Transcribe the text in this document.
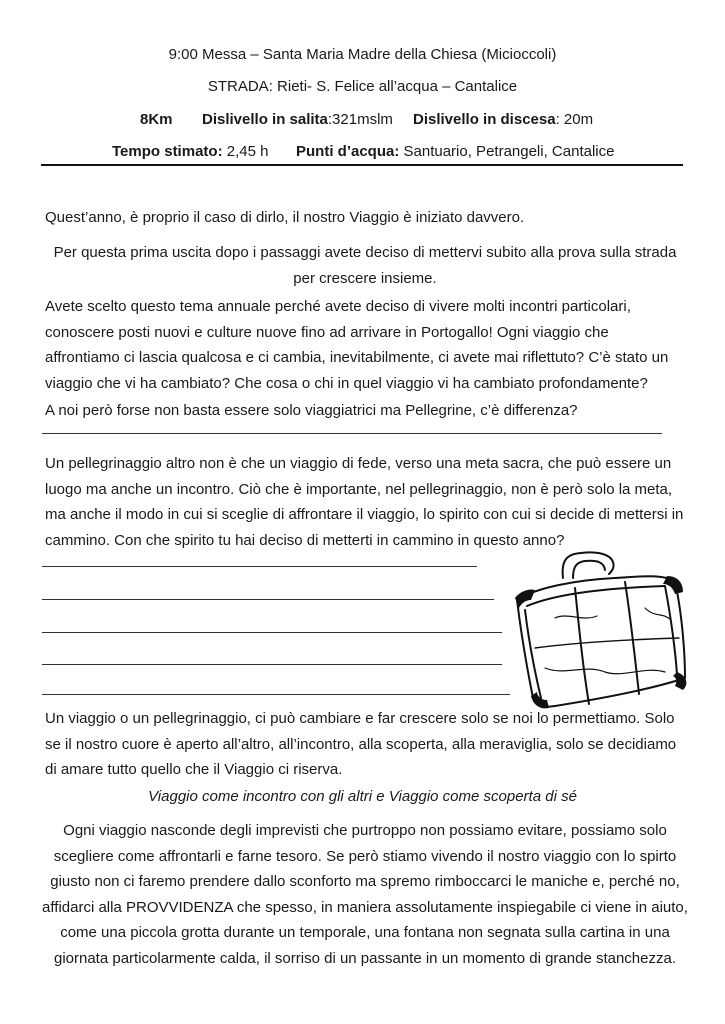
9:00 Messa – Santa Maria Madre della Chiesa (Micioccoli)
STRADA: Rieti- S. Felice all’acqua – Cantalice
8Km Dislivello in salita:321mslm Dislivello in discesa: 20m
Tempo stimato: 2,45 h Punti d’acqua: Santuario, Petrangeli, Cantalice
Quest’anno, è proprio il caso di dirlo, il nostro Viaggio è iniziato davvero.
Per questa prima uscita dopo i passaggi avete deciso di mettervi subito alla prova sulla strada
per crescere insieme.
Avete scelto questo tema annuale perché avete deciso di vivere molti incontri particolari, conoscere posti nuovi e culture nuove fino ad arrivare in Portogallo! Ogni viaggio che affrontiamo ci lascia qualcosa e ci cambia, inevitabilmente, ci avete mai riflettuto? C’è stato un viaggio che vi ha cambiato? Che cosa o chi in quel viaggio vi ha cambiato profondamente?
A noi però forse non basta essere solo viaggiatrici ma Pellegrine, c’è differenza?
Un pellegrinaggio altro non è che un viaggio di fede, verso una meta sacra, che può essere un luogo ma anche un incontro. Ciò che è importante, nel pellegrinaggio, non è però solo la meta, ma anche il modo in cui si sceglie di affrontare il viaggio, lo spirito con cui si decide di mettersi in cammino. Con che spirito tu hai deciso di metterti in cammino in questo anno?
Un viaggio o un pellegrinaggio, ci può cambiare e far crescere solo se noi lo permettiamo. Solo se il nostro cuore è aperto all’altro, all’incontro, alla scoperta, alla meraviglia, solo se decidiamo di amare tutto quello che il Viaggio ci riserva.
Viaggio come incontro con gli altri e Viaggio come scoperta di sé
Ogni viaggio nasconde degli imprevisti che purtroppo non possiamo evitare, possiamo solo scegliere come affrontarli e farne tesoro. Se però stiamo vivendo il nostro viaggio con lo spirto giusto non ci faremo prendere dallo sconforto ma spremo rimboccarci le maniche e, perché no, affidarci alla PROVVIDENZA che spesso, in maniera assolutamente inspiegabile ci viene in aiuto, come una piccola grotta durante un temporale, una fontana non segnata sulla cartina in una giornata particolarmente calda, il sorriso di un passante in un momento di grande stanchezza.
